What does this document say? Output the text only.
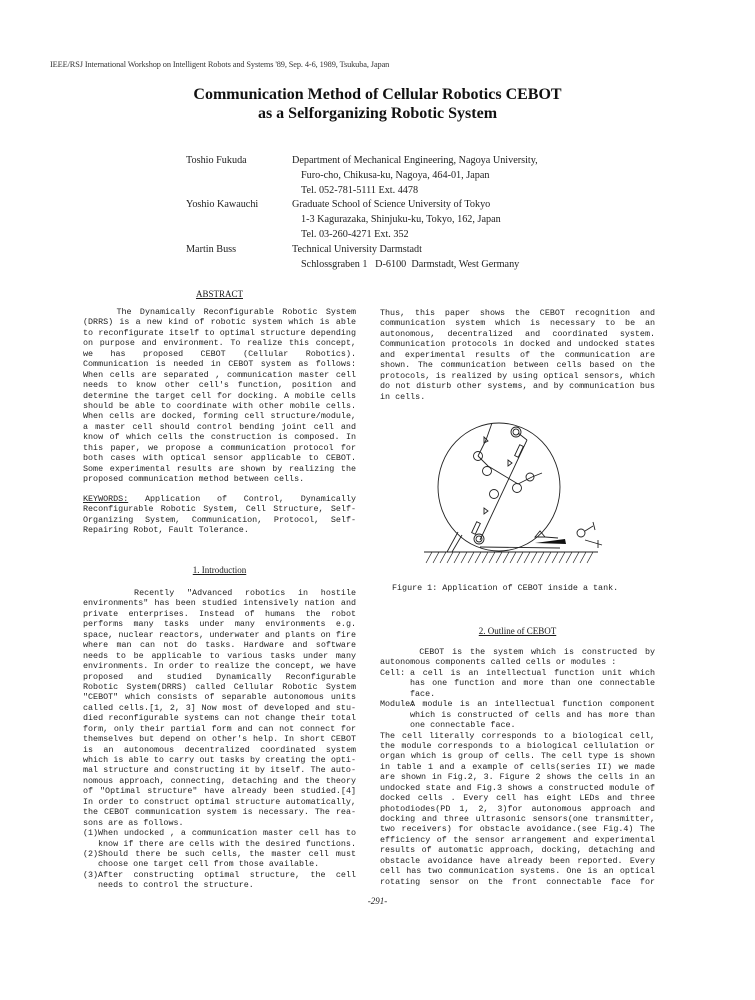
IEEE/RSJ International Workshop on Intelligent Robots and Systems '89, Sep. 4-6, 1989, Tsukuba, Japan
Communication Method of Cellular Robotics CEBOT
as a Selforganizing Robotic System
Toshio Fukuda	Department of Mechanical Engineering, Nagoya University,
Furo-cho, Chikusa-ku, Nagoya, 464-01, Japan
Tel. 052-781-5111 Ext. 4478
Yoshio Kawauchi	Graduate School of Science University of Tokyo
1-3 Kagurazaka, Shinjuku-ku, Tokyo, 162, Japan
Tel. 03-260-4271 Ext. 352
Martin Buss	Technical University Darmstadt
Schlossgraben 1   D-6100  Darmstadt, West Germany
ABSTRACT
The Dynamically Reconfigurable Robotic System
(DRRS) is a new kind of robotic system which is able
to reconfigurate itself to optimal structure depending
on purpose and environment. To realize this concept,
we has proposed CEBOT (Cellular Robotics).
Communication is needed in CEBOT system as follows:
When cells are separated , communication master cell
needs to know other cell's function, position and
determine the target cell for docking. A mobile cells
should be able to coordinate with other mobile cells.
When cells are docked, forming cell structure/module,
a master cell should control bending joint cell and
know of which cells the construction is composed. In
this paper, we propose a communication protocol for
both cases with optical sensor applicable to CEBOT.
Some experimental results are shown by realizing the
proposed communication method between cells.
KEYWORDS: Application of Control, Dynamically
Reconfigurable Robotic System, Cell Structure, Self-
Organizing System, Communication, Protocol, Self-
Repairing Robot, Fault Tolerance.
1. Introduction
Recently "Advanced robotics in hostile
environments" has been studied intensively nation and
private enterprises. Instead of humans the robot
performs many tasks under many environments e.g.
space, nuclear reactors, underwater and plants on fire
where man can not do tasks. Hardware and software
needs to be applicable to various tasks under many
environments. In order to realize the concept, we have
proposed and studied Dynamically Reconfigurable
Robotic System(DRRS) called Cellular Robotic System
"CEBOT" which consists of separable autonomous units
called cells.[1, 2, 3] Now most of developed and stu-
died reconfigurable systems can not change their total
form, only their partial form and can not connect for
themselves but depend on other's help. In short CEBOT
is an autonomous decentralized coordinated system
which is able to carry out tasks by creating the opti-
mal structure and constructing it by itself. The auto-
nomous approach, connecting, detaching and the theory
of "Optimal structure" have already been studied.[4]
In order to construct optimal structure automatically,
the CEBOT communication system is necessary. The rea-
sons are as follows.
(1) When undocked , a communication master cell has to
know if there are cells with the desired functions.
(2) Should there be such cells, the master cell must
choose one target cell from those available.
(3) After constructing optimal structure, the cell
needs to control the structure.
Thus, this paper shows the CEBOT recognition and
communication system which is necessary to be an
autonomous, decentralized and coordinated system.
Communication protocols in docked and undocked states
and experimental results of the communication are
shown. The communication between cells based on the
protocols, is realized by using optical sensors, which
do not disturb other systems, and by communication bus
in cells.
Figure 1: Application of CEBOT inside a tank.
2. Outline of CEBOT
CEBOT is the system which is constructed by
autonomous components called cells or modules :
Cell: a cell is an intellectual function unit which
has one function and more than one connectable
face.
Module:
A module is an intellectual function component
which is constructed of cells and has more than
one connectable face.
The cell literally corresponds to a biological cell,
the module corresponds to a biological cellulation or
organ which is group of cells. The cell type is shown
in table 1 and a example of cells(series II) we made
are shown in Fig.2, 3. Figure 2 shows the cells in an
undocked state and Fig.3 shows a constructed module of
docked cells . Every cell has eight LEDs and three
photodiodes(PD 1, 2, 3)for autonomous approach and
docking and three ultrasonic sensors(one transmitter,
two receivers) for obstacle avoidance.(see Fig.4) The
efficiency of the sensor arrangement and experimental
results of automatic approach, docking, detaching and
obstacle avoidance have already been reported. Every
cell has two communication systems. One is an optical
rotating sensor on the front connectable face for
-291-
